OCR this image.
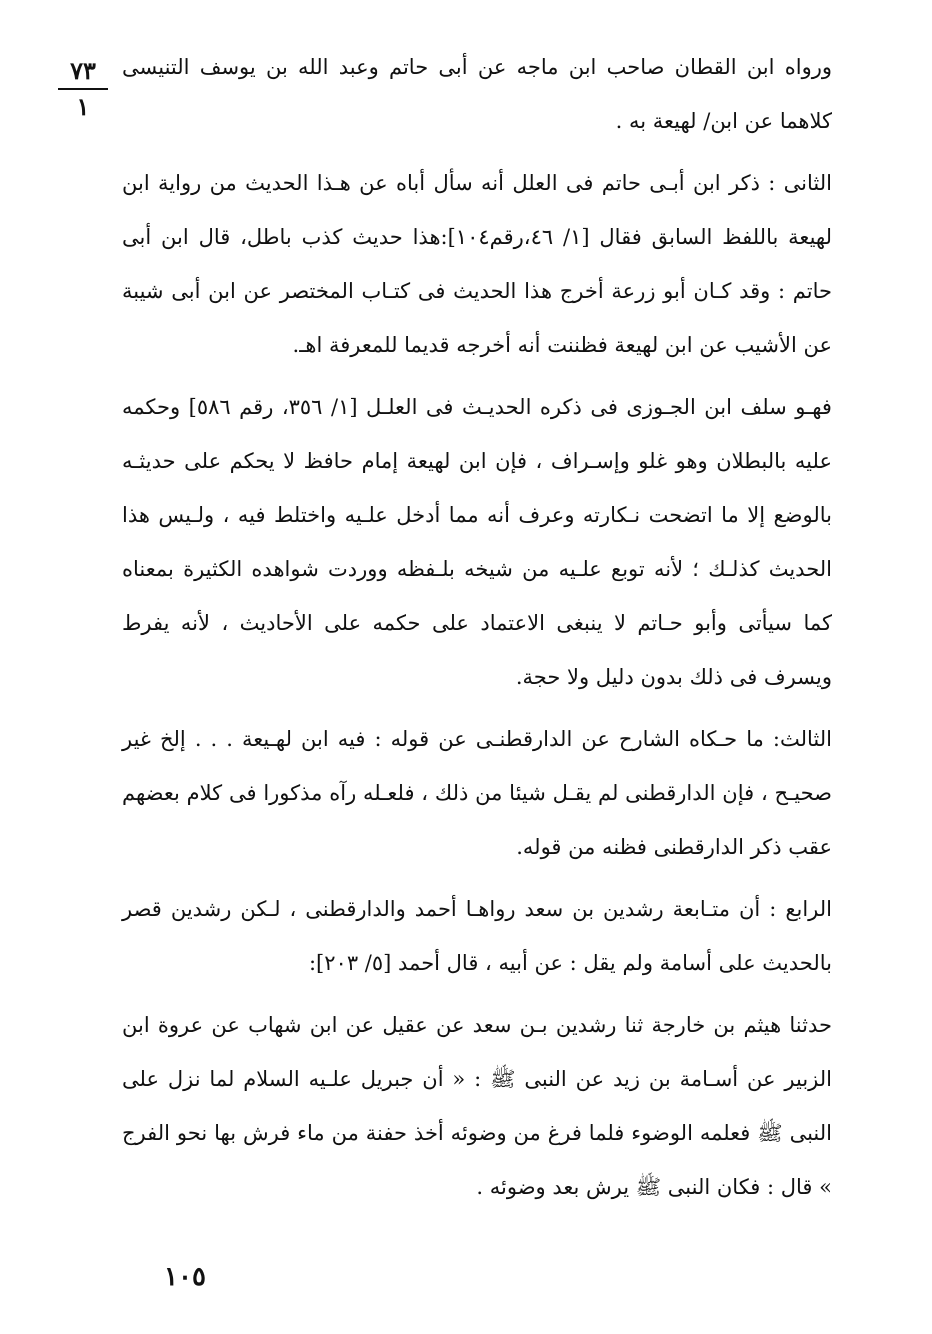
٧٣
١

ورواه ابن القطان صاحب ابن ماجه عن أبى حاتم وعبد الله بن يوسف التنيسى كلاهما عن ابن/ لهيعة به .

الثانى : ذكر ابن أبـى حاتم فى العلل أنه سأل أباه عن هـذا الحديث من رواية ابن لهيعة باللفظ السابق فقال [١/ ٤٦،رقم١٠٤]:هذا حديث كذب باطل، قال ابن أبى حاتم : وقد كـان أبو زرعة أخرج هذا الحديث فى كتـاب المختصر عن ابن أبى شيبة عن الأشيب عن ابن لهيعة فظننت أنه أخرجه قديما للمعرفة اهـ.

فهـو سلف ابن الجـوزى فى ذكره الحديـث فى العلـل [١/ ٣٥٦، رقم ٥٨٦] وحكمه عليه بالبطلان وهو غلو وإسـراف ، فإن ابن لهيعة إمام حافظ لا يحكم على حديثـه بالوضع إلا ما اتضحت نـكارته وعرف أنه مما أدخل علـيه واختلط فيه ، ولـيس هذا الحديث كذلـك ؛ لأنه توبع علـيه من شيخه بلـفظه ووردت شواهده الكثيرة بمعناه كما سيأتى وأبو حـاتم لا ينبغى الاعتماد على حكمه على الأحاديث ، لأنه يفرط ويسرف فى ذلك بدون دليل ولا حجة.

الثالث: ما حـكاه الشارح عن الدارقطنـى عن قوله : فيه ابن لهـيعة . . . إلخ غير صحيـح ، فإن الدارقطنى لم يقـل شيئا من ذلك ، فلعـله رآه مذكورا فى كلام بعضهم عقب ذكر الدارقطنى فظنه من قوله.

الرابع : أن متـابعة رشدين بن سعد رواهـا أحمد والدارقطنى ، لـكن رشدين قصر بالحديث على أسامة ولم يقل : عن أبيه ، قال أحمد [٥/ ٢٠٣]:

حدثنا هيثم بن خارجة ثنا رشدين بـن سعد عن عقيل عن ابن شهاب عن عروة ابن الزبير عن أسـامة بن زيد عن النبى ﷺ : « أن جبريل علـيه السلام لما نزل على النبى ﷺ فعلمه الوضوء فلما فرغ من وضوئه أخذ حفنة من ماء فرش بها نحو الفرج » قال : فكان النبى ﷺ يرش بعد وضوئه .

١٠٥
